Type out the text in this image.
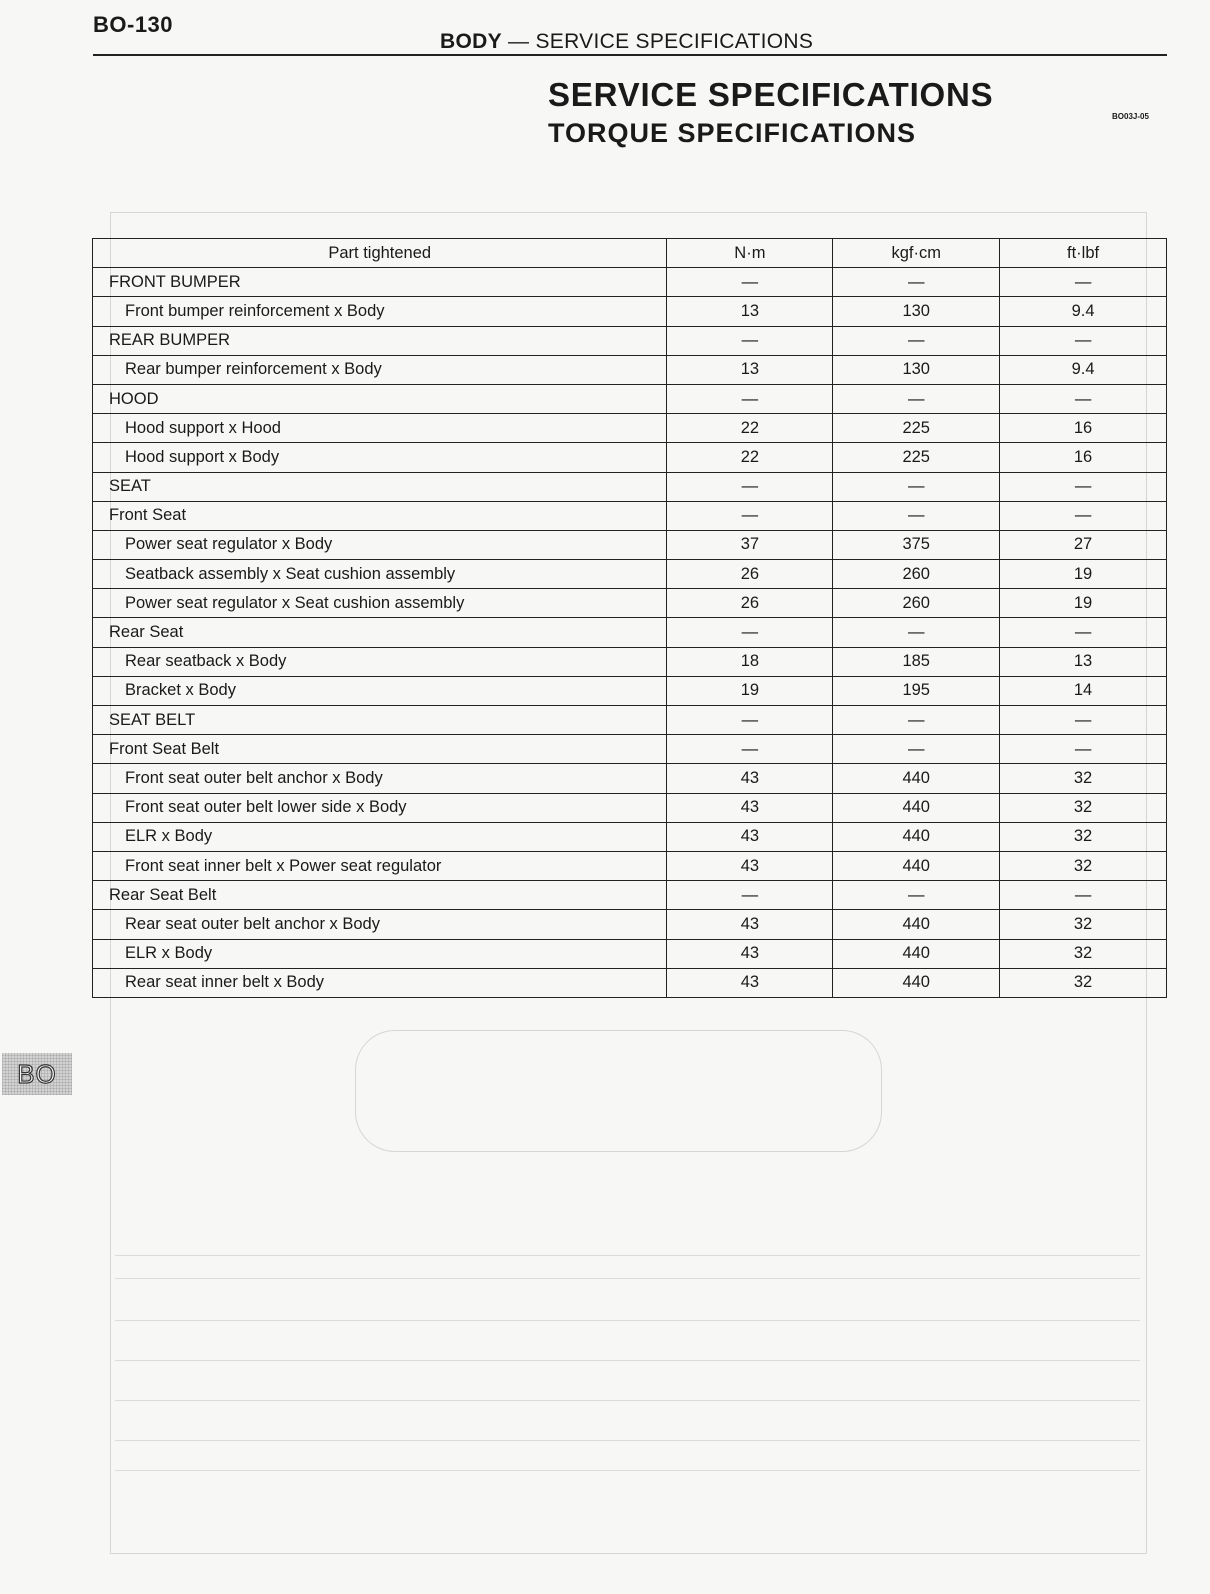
BO-130
BODY — SERVICE SPECIFICATIONS
SERVICE SPECIFICATIONS
TORQUE SPECIFICATIONS
BO03J-05
Part tightened	N·m	kgf·cm	ft·lbf
FRONT BUMPER	—	—	—
Front bumper reinforcement x Body	13	130	9.4
REAR BUMPER	—	—	—
Rear bumper reinforcement x Body	13	130	9.4
HOOD	—	—	—
Hood support x Hood	22	225	16
Hood support x Body	22	225	16
SEAT	—	—	—
Front Seat	—	—	—
Power seat regulator x Body	37	375	27
Seatback assembly x Seat cushion assembly	26	260	19
Power seat regulator x Seat cushion assembly	26	260	19
Rear Seat	—	—	—
Rear seatback x Body	18	185	13
Bracket x Body	19	195	14
SEAT BELT	—	—	—
Front Seat Belt	—	—	—
Front seat outer belt anchor x Body	43	440	32
Front seat outer belt lower side x Body	43	440	32
ELR x Body	43	440	32
Front seat inner belt x Power seat regulator	43	440	32
Rear Seat Belt	—	—	—
Rear seat outer belt anchor x Body	43	440	32
ELR x Body	43	440	32
Rear seat inner belt x Body	43	440	32
BO
